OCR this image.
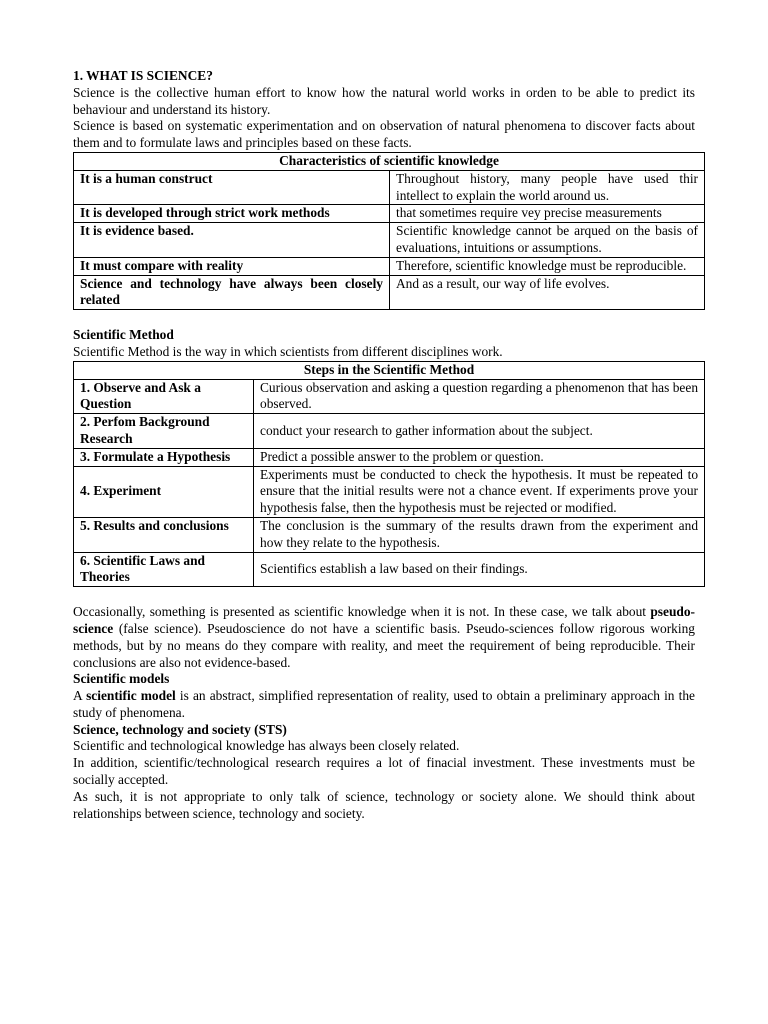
1. WHAT IS SCIENCE?

Science is the collective human effort to know how the natural world works in orden to be able to predict its behaviour and understand its history.

Science is based on systematic experimentation and on observation of natural phenomena to discover facts about them and to formulate laws and principles based on these facts.

Characteristics of scientific knowledge	
It is a human construct	Throughout history, many people have used thir intellect to explain the world around us.
It is developed through strict work methods	that sometimes require vey precise measurements
It is evidence based.	Scientific knowledge cannot be arqued on the basis of evaluations, intuitions or assumptions.
It must compare with reality	Therefore, scientific knowledge must be reproducible.
Science and technology have always been closely related	And as a result, our way of life evolves.

Scientific Method

Scientific Method is the way in which scientists from different disciplines work.

Steps in the Scientific Method	
1. Observe and Ask a Question	Curious observation and asking a question regarding a phenomenon that has been observed.
2. Perfom Background Research	conduct your research to gather information about the subject.
3. Formulate a Hypothesis	Predict a possible answer to the problem or question.
4. Experiment	Experiments must be conducted to check the hypothesis. It must be repeated to ensure that the initial results were not a chance event. If experiments prove your hypothesis false, then the hypothesis must be rejected or modified.
5. Results and conclusions	The conclusion is the summary of the results drawn from the experiment and how they relate to the hypothesis.
6. Scientific Laws and Theories	Scientifics establish a law based on their findings.

Occasionally, something is presented as scientific knowledge when it is not. In these case, we talk about pseudo-science (false science). Pseudoscience do not have a scientific basis. Pseudo-sciences follow rigorous working methods, but by no means do they compare with reality, and meet the requirement of being reproducible. Their conclusions are also not evidence-based.

Scientific models

A scientific model is an abstract, simplified representation of reality, used to obtain a preliminary approach in the study of phenomena.

Science, technology and society (STS)

Scientific and technological knowledge has always been closely related.

In addition, scientific/technological research requires a lot of finacial investment. These investments must be socially accepted.

As such, it is not appropriate to only talk of science, technology or society alone. We should think about relationships between science, technology and society.
